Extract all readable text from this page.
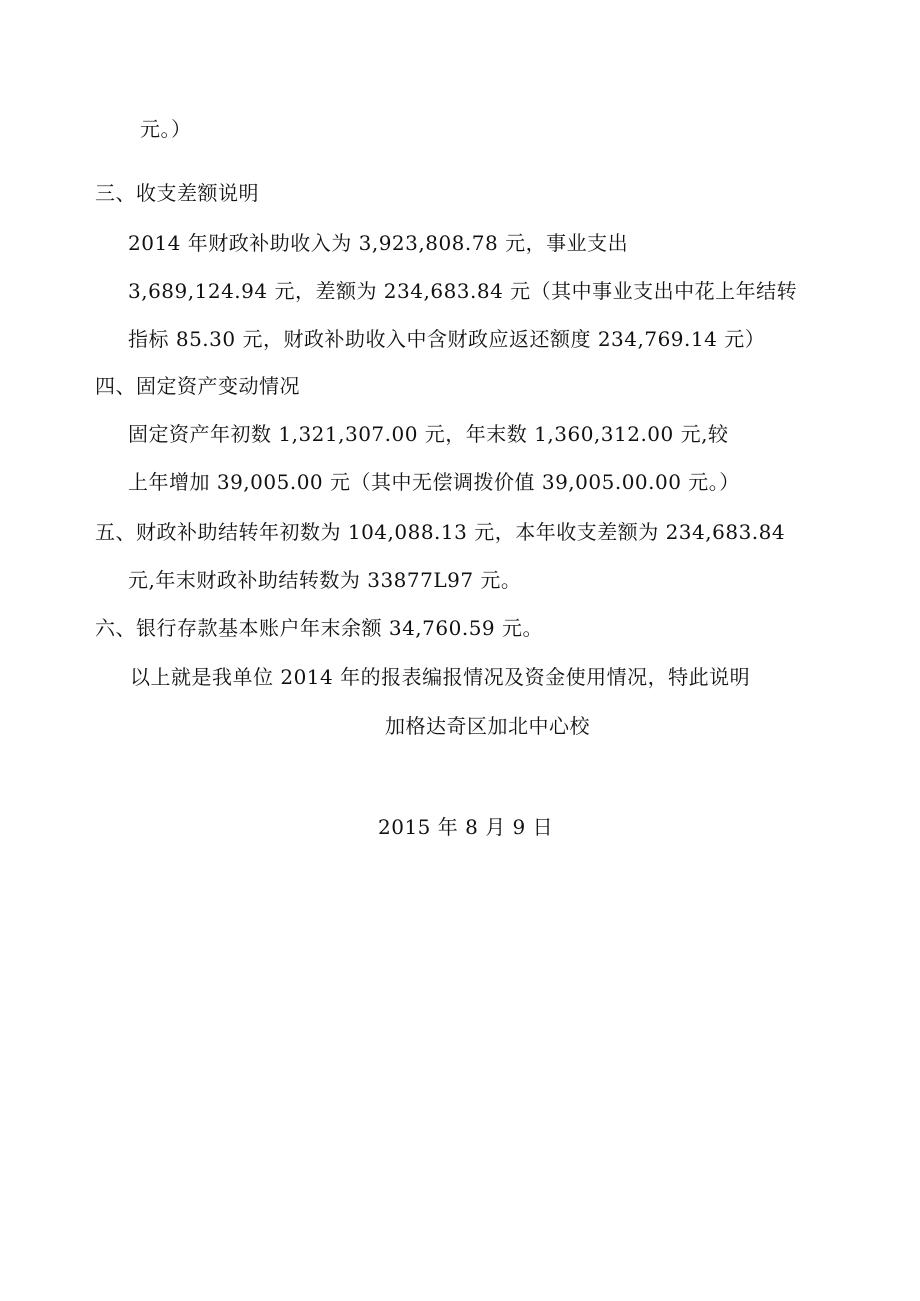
元。）
三、收支差额说明
2014 年财政补助收入为 3,923,808.78 元，事业支出
3,689,124.94 元，差额为 234,683.84 元（其中事业支出中花上年结转
指标 85.30 元，财政补助收入中含财政应返还额度 234,769.14 元）
四、固定资产变动情况
固定资产年初数 1,321,307.00 元，年末数 1,360,312.00 元,较
上年增加 39,005.00 元（其中无偿调拨价值 39,005.00.00 元。）
五、财政补助结转年初数为 104,088.13 元，本年收支差额为 234,683.84
元,年末财政补助结转数为 33877L97 元。
六、银行存款基本账户年末余额 34,760.59 元。
以上就是我单位 2014 年的报表编报情况及资金使用情况，特此说明
加格达奇区加北中心校
2015 年 8 月 9 日
